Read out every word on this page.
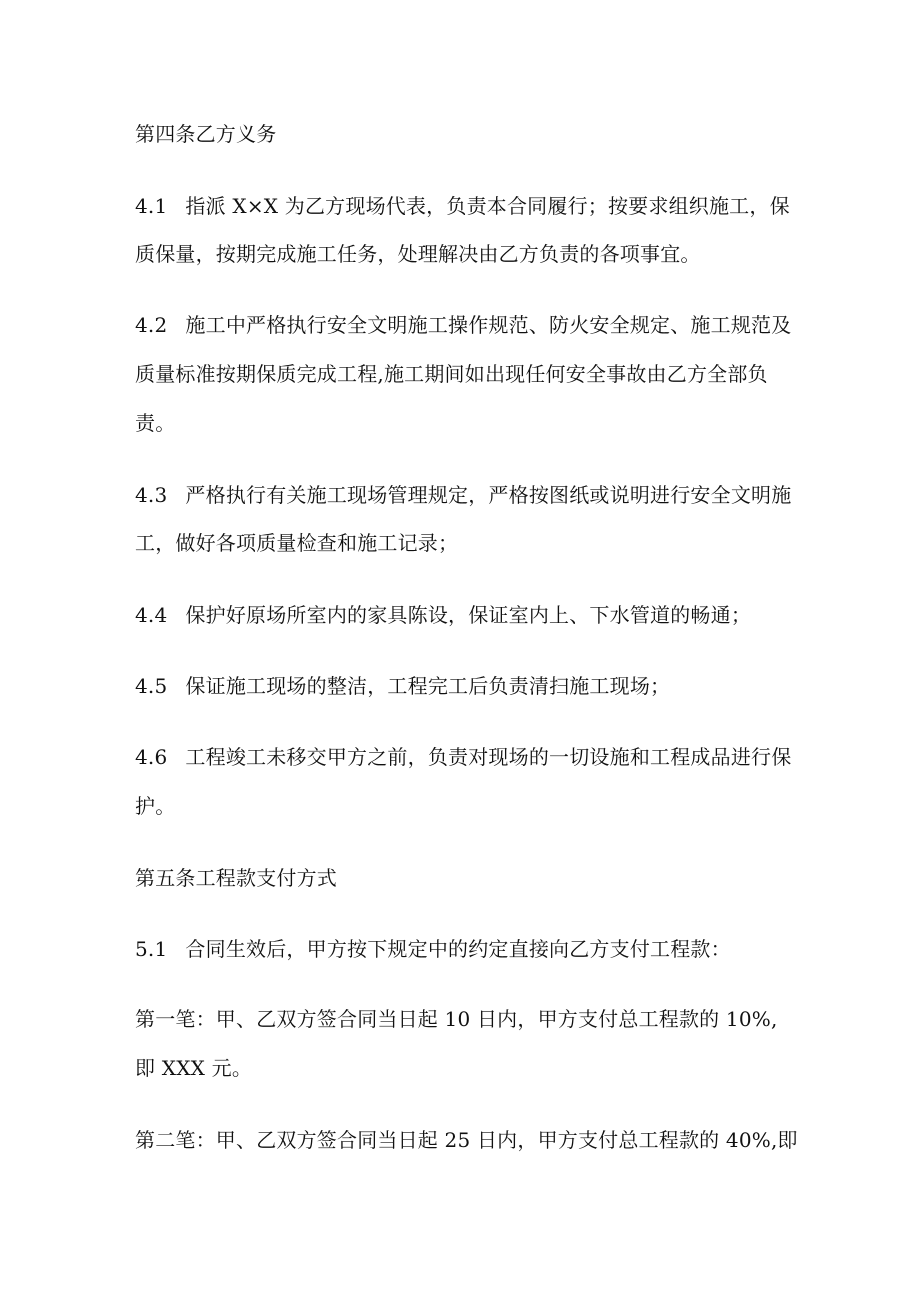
第四条乙方义务
4.1 指派 X×X 为乙方现场代表，负责本合同履行；按要求组织施工，保
质保量，按期完成施工任务，处理解决由乙方负责的各项事宜。
4.2 施工中严格执行安全文明施工操作规范、防火安全规定、施工规范及
质量标准按期保质完成工程,施工期间如出现任何安全事故由乙方全部负
责。
4.3 严格执行有关施工现场管理规定，严格按图纸或说明进行安全文明施
工，做好各项质量检查和施工记录；
4.4 保护好原场所室内的家具陈设，保证室内上、下水管道的畅通；
4.5 保证施工现场的整洁，工程完工后负责清扫施工现场；
4.6 工程竣工未移交甲方之前，负责对现场的一切设施和工程成品进行保
护。
第五条工程款支付方式
5.1 合同生效后，甲方按下规定中的约定直接向乙方支付工程款：
第一笔：甲、乙双方签合同当日起 10 日内，甲方支付总工程款的 10%,
即 XXX 元。
第二笔：甲、乙双方签合同当日起 25 日内，甲方支付总工程款的 40%,即
